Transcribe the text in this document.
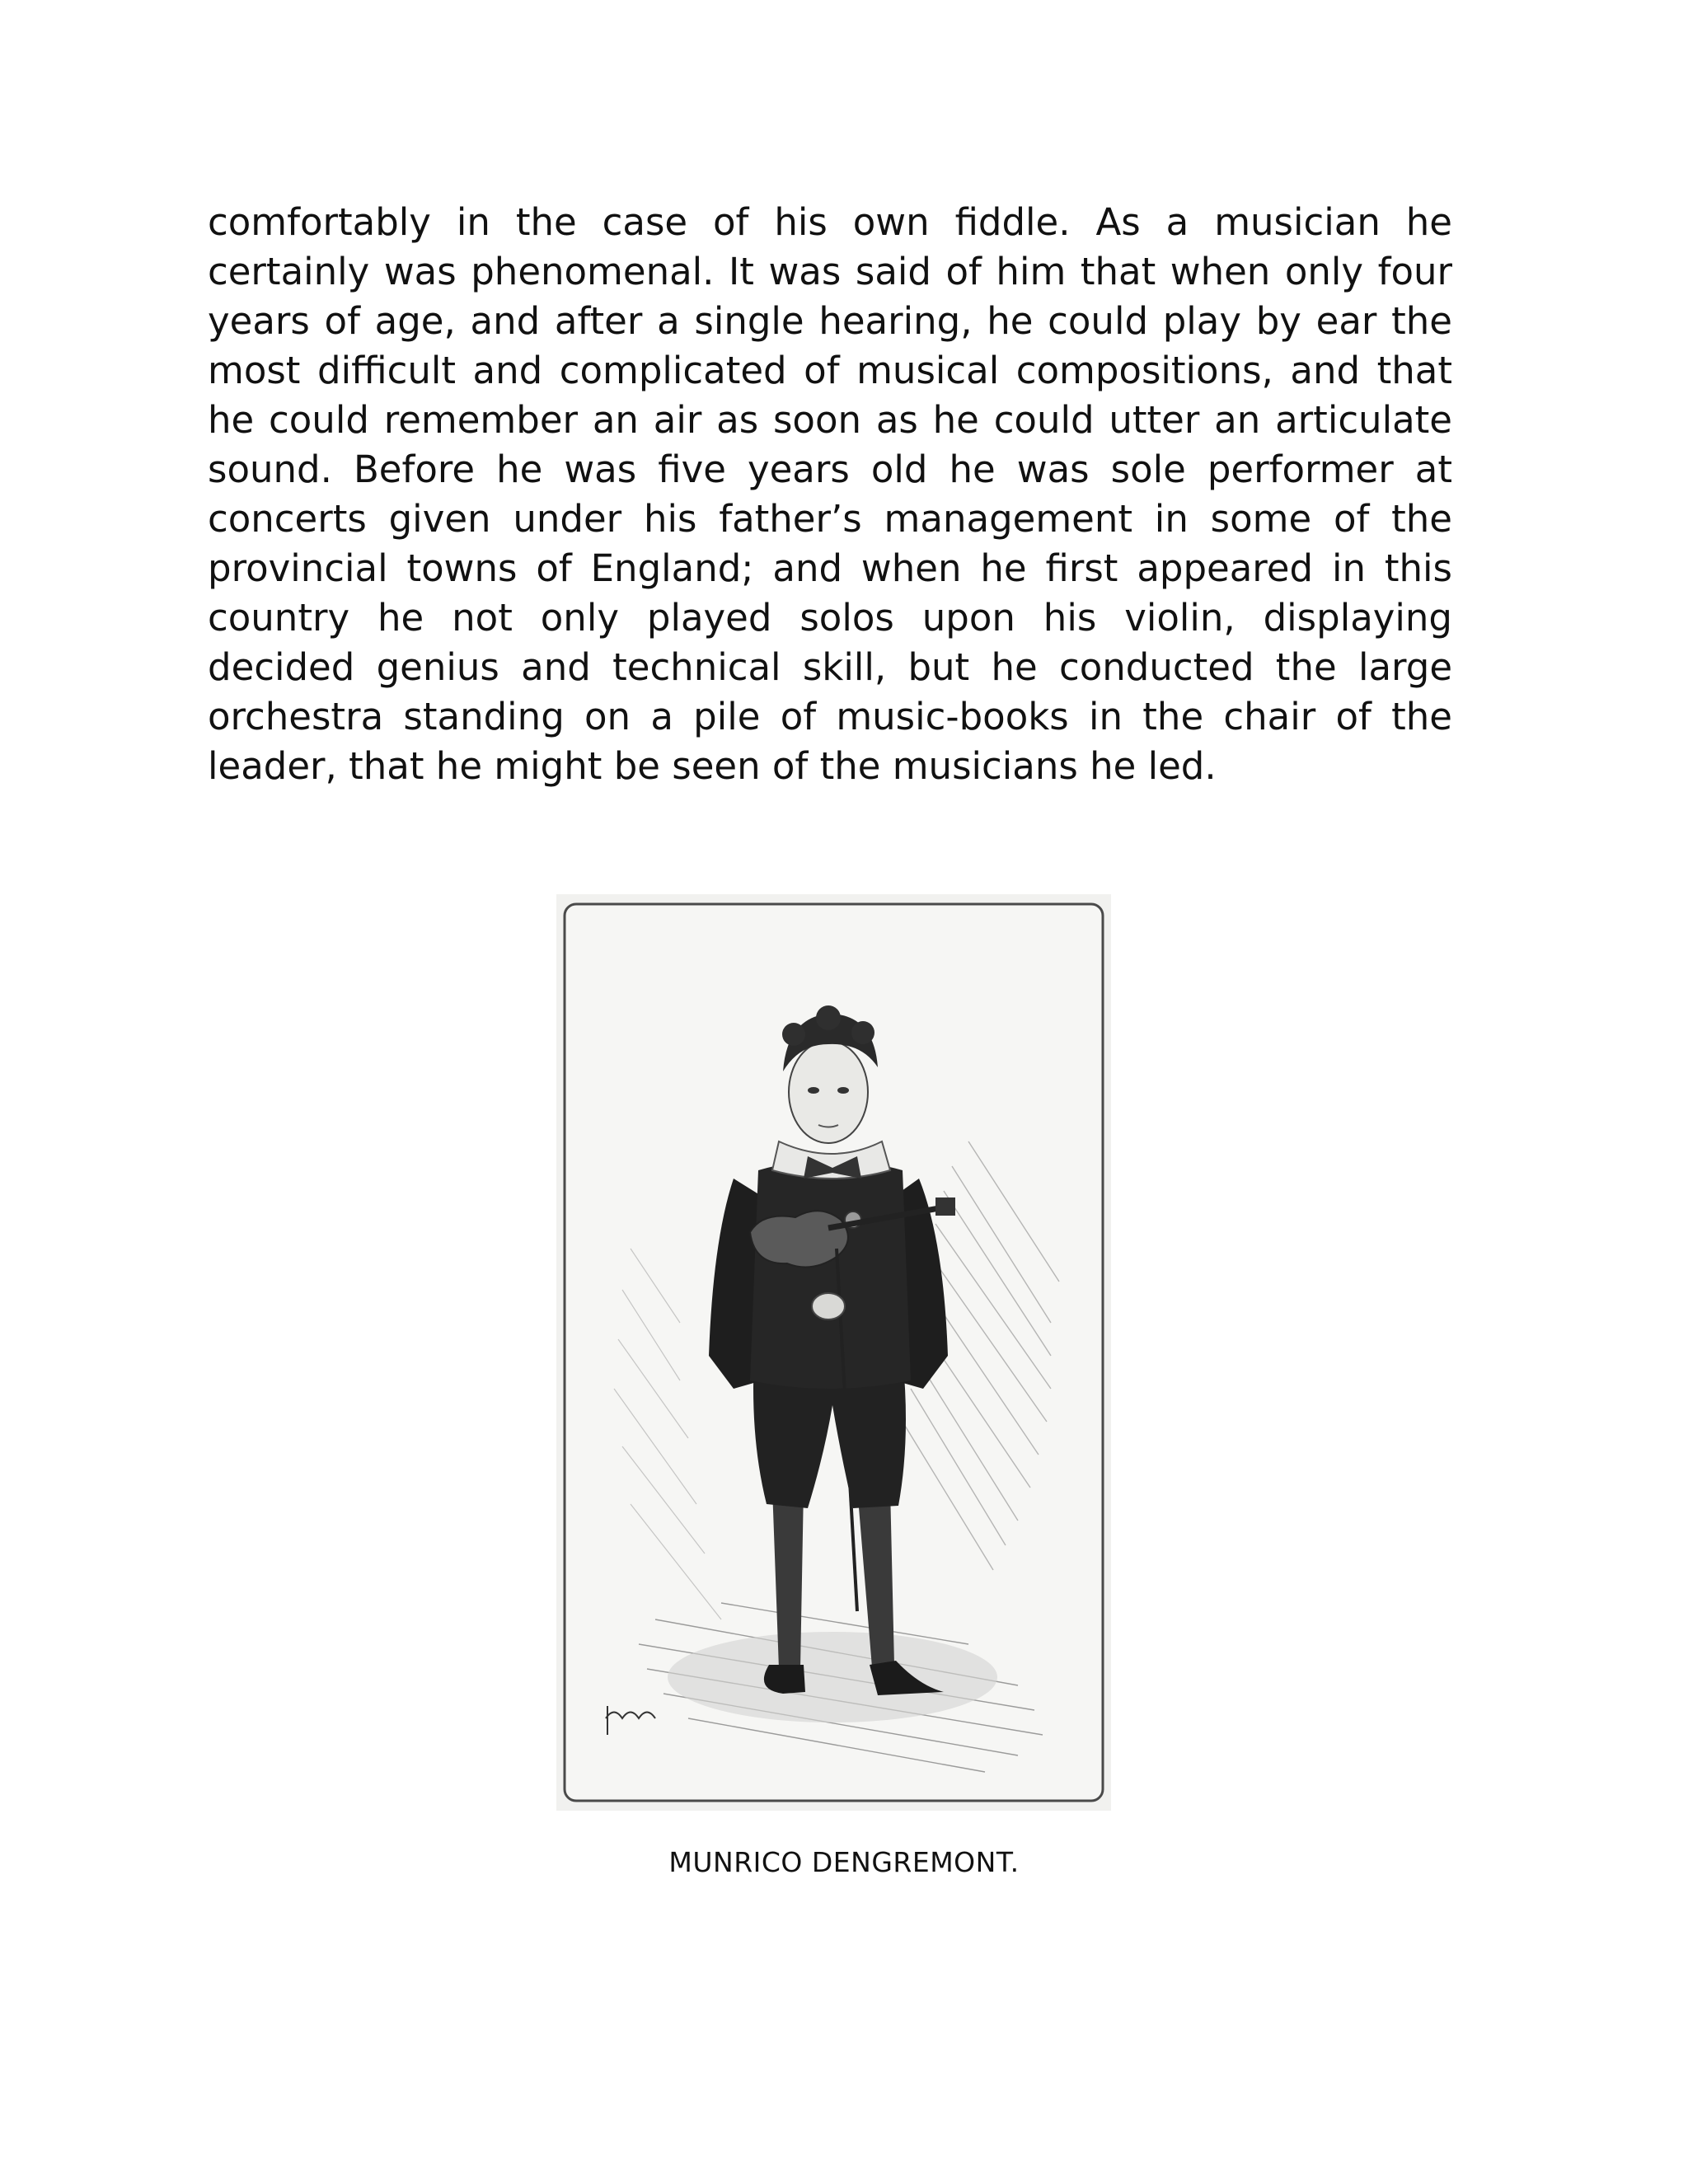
comfortably in the case of his own fiddle. As a musician he certainly was phenomenal. It was said of him that when only four years of age, and after a single hearing, he could play by ear the most difficult and complicated of musical compositions, and that he could remember an air as soon as he could utter an articulate sound. Before he was five years old he was sole performer at concerts given under his father’s management in some of the provincial towns of England; and when he first appeared in this country he not only played solos upon his violin, displaying decided genius and technical skill, but he conducted the large orchestra standing on a pile of music-books in the chair of the leader, that he might be seen of the musicians he led.

MUNRICO DENGREMONT.
